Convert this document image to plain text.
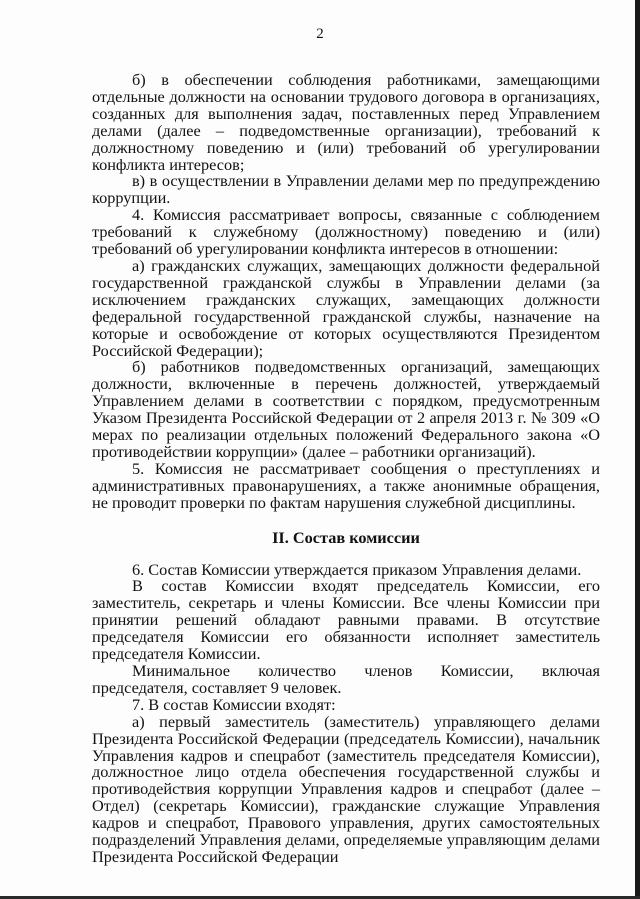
2

б) в обеспечении соблюдения работниками, замещающими отдельные должности на основании трудового договора в организациях, созданных для выполнения задач, поставленных перед Управлением делами (далее – подведомственные организации), требований к должностному поведению и (или) требований об урегулировании конфликта интересов;

в) в осуществлении в Управлении делами мер по предупреждению коррупции.

4. Комиссия рассматривает вопросы, связанные с соблюдением требований к служебному (должностному) поведению и (или) требований об урегулировании конфликта интересов в отношении:

а) гражданских служащих, замещающих должности федеральной государственной гражданской службы в Управлении делами (за исключением гражданских служащих, замещающих должности федеральной государственной гражданской службы, назначение на которые и освобождение от которых осуществляются Президентом Российской Федерации);

б) работников подведомственных организаций, замещающих должности, включенные в перечень должностей, утверждаемый Управлением делами в соответствии с порядком, предусмотренным Указом Президента Российской Федерации от 2 апреля 2013 г. № 309 «О мерах по реализации отдельных положений Федерального закона «О противодействии коррупции» (далее – работники организаций).

5. Комиссия не рассматривает сообщения о преступлениях и административных правонарушениях, а также анонимные обращения, не проводит проверки по фактам нарушения служебной дисциплины.

II. Состав комиссии

6. Состав Комиссии утверждается приказом Управления делами.

В состав Комиссии входят председатель Комиссии, его заместитель, секретарь и члены Комиссии. Все члены Комиссии при принятии решений обладают равными правами. В отсутствие председателя Комиссии его обязанности исполняет заместитель председателя Комиссии.

Минимальное количество членов Комиссии, включая председателя, составляет 9 человек.

7. В состав Комиссии входят:

а) первый заместитель (заместитель) управляющего делами Президента Российской Федерации (председатель Комиссии), начальник Управления кадров и спецработ (заместитель председателя Комиссии), должностное лицо отдела обеспечения государственной службы и противодействия коррупции Управления кадров и спецработ (далее – Отдел) (секретарь Комиссии), гражданские служащие Управления кадров и спецработ, Правового управления, других самостоятельных подразделений Управления делами, определяемые управляющим делами Президента Российской Федерации
